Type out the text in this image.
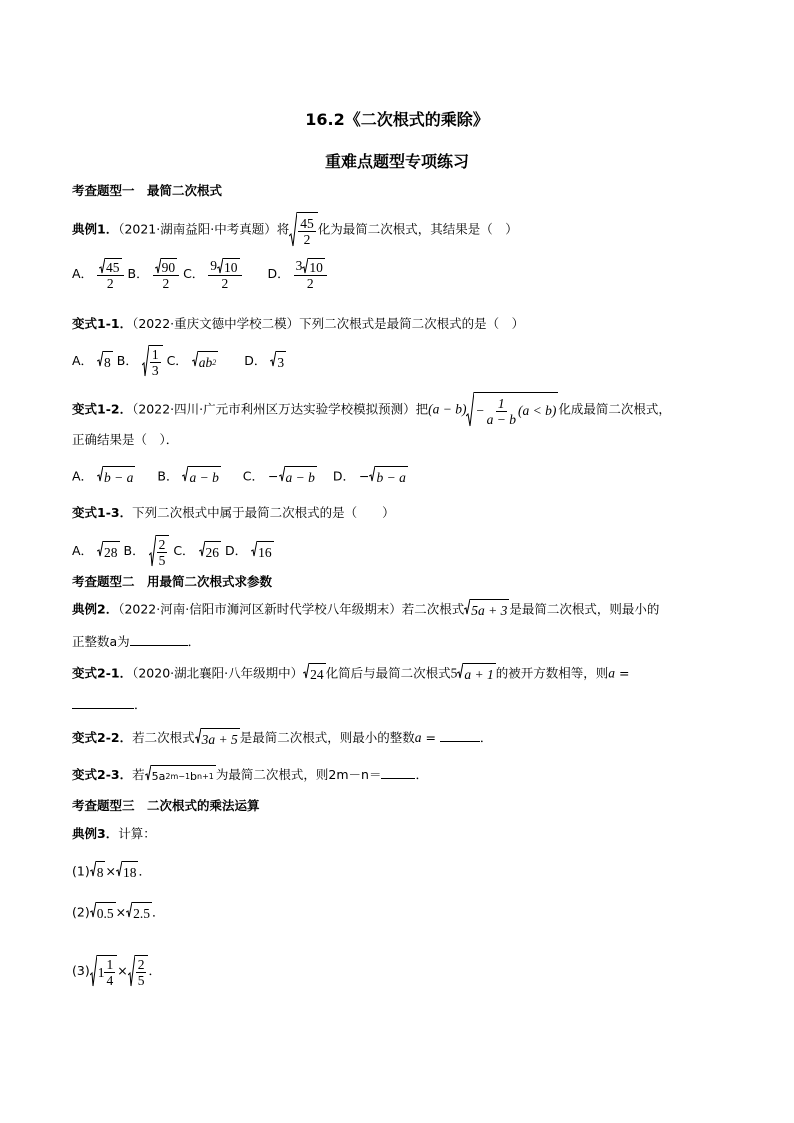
16.2《二次根式的乘除》
重难点题型专项练习
考查题型一　最简二次根式
典例1．（2021·湖南益阳·中考真题）将 $\frac{45}{2}$ 化为最简二次根式，其结果是（　）
A． $\frac{45}{2}$ B． $\frac{90}{2}$ C． $\frac{9 10}{2}$ D． $\frac{3 10}{2}$
变式1-1．（2022·重庆文德中学校二模）下列二次根式是最简二次根式的是（　）
A． 8 B． $\frac{1}{3}$ C． ab 2 D． 3
变式1-2．（2022·四川·广元市利州区万达实验学校模拟预测）把$(a - b) - \frac{1}{a - b} (a < b)$ 化成最简二次根式，
正确结果是（　）．
A． b − a B． a − b C． − a − b D． − b − a
变式1-3．下列二次根式中属于最简二次根式的是（　　）
A． 28 B． $\frac{2}{5}$ C． 26 D． 16
考查题型二　用最简二次根式求参数
典例2．（2022·河南·信阳市浉河区新时代学校八年级期末）若二次根式 5a + 3 是最简二次根式，则最小的
正整数a为	．
变式2-1．（2020·湖北襄阳·八年级期中） 24 化简后与最简二次根式5 a + 1 的被开方数相等，则a =
．
变式2-2．若二次根式 3a + 5 是最简二次根式，则最小的整数a =	．
变式2-3．若 5a 2m−1 b n+1 为最简二次根式，则2m－n＝	．
考查题型三　二次根式的乘法运算
典例3．计算：
(1) 8 × 18 ．
(2) 0.5 × 2.5 ．
(3) $1 \frac{1}{4} \times \frac{2}{5}$ ．
